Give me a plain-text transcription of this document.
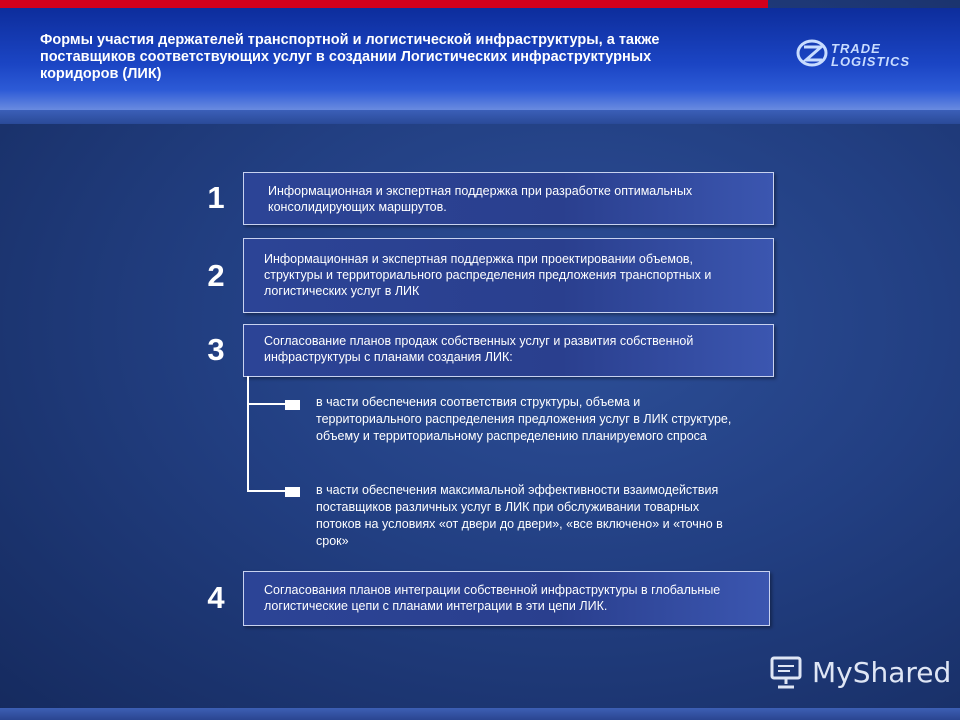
Формы участия держателей транспортной и логистической инфраструктуры, а также поставщиков соответствующих услуг в создании Логистических инфраструктурных коридоров (ЛИК)
TRADE
LOGISTICS
1	Информационная и экспертная поддержка при разработке оптимальных консолидирующих маршрутов.
2	Информационная и экспертная поддержка при проектировании объемов, структуры и территориального распределения предложения транспортных и логистических услуг в ЛИК
3	Согласование планов продаж собственных услуг и развития собственной инфраструктуры с планами создания ЛИК:
в части обеспечения соответствия структуры, объема и территориального распределения предложения услуг в ЛИК структуре, объему и территориальному распределению планируемого спроса
в части обеспечения максимальной эффективности взаимодействия поставщиков различных услуг в ЛИК при обслуживании товарных потоков на условиях «от двери до двери», «все включено» и «точно в срок»
4	Согласования планов интеграции собственной инфраструктуры в глобальные логистические цепи с планами интеграции в эти цепи ЛИК.
MyShared
